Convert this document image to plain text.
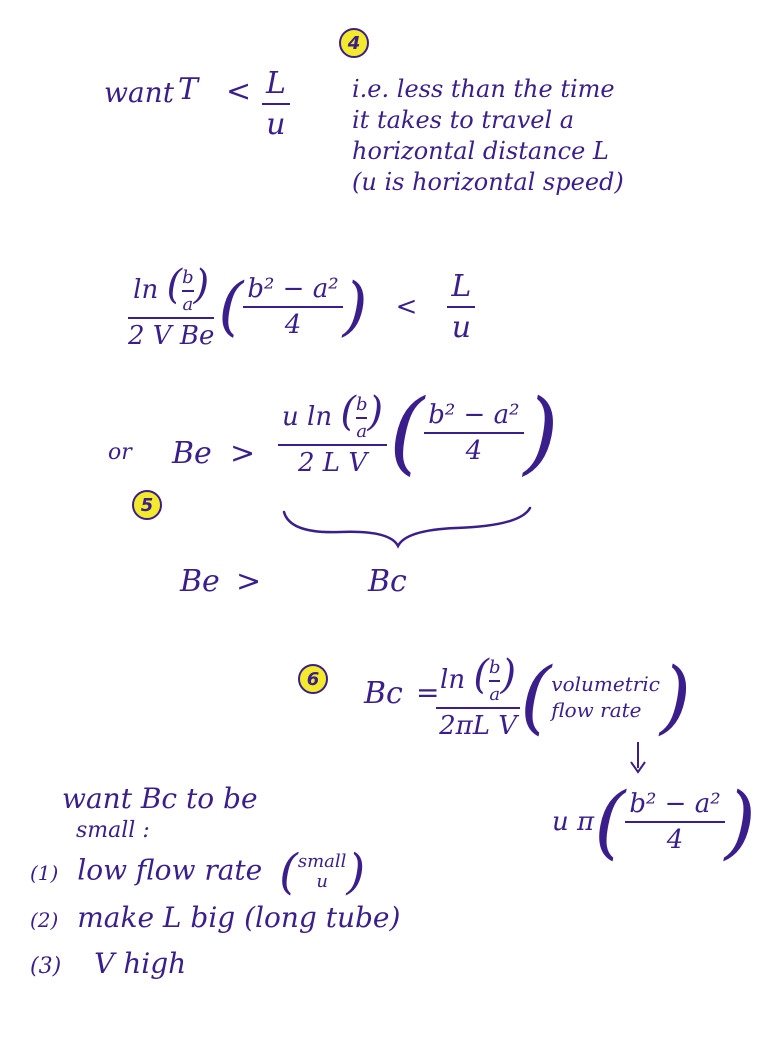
4
want $T < \frac{L}{u}$	i.e. less than the time
it takes to travel a
horizontal distance L
(u is horizontal speed)
$\frac{\ln ( \frac{b}{a} )}{\text{2 V Be}}$ ( $\frac{\text{b² − a²}}{4}$ ) < $\frac{L}{u}$
or $Be > \frac{u \ln ( \frac{b}{a} )}{\text{2 L V}}$ ( $\frac{\text{b² − a²}}{4}$ )
5
Be >	Bc
6 Bc =
$\frac{\ln ( \frac{b}{a} )}{\text{2πL V}}$ ( volumetric
flow rate )
u π ( $\frac{\text{b² − a²}}{4}$ )
want Bc to be
small :
(1) low flow rate ( small
u )
(2) make L big (long tube)
(3) V high
